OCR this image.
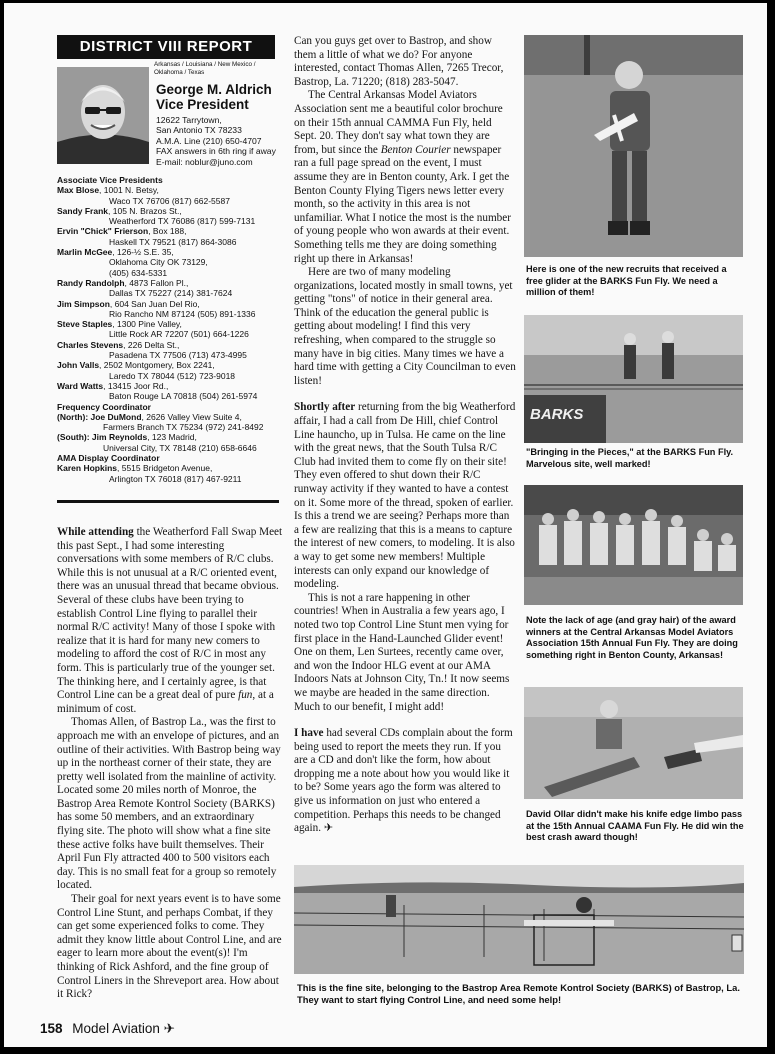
DISTRICT VIII REPORT
Arkansas / Louisiana / New Mexico /
Oklahoma / Texas
George M. Aldrich
Vice President
12622 Tarrytown,
San Antonio TX 78233
A.M.A. Line (210) 650-4707
FAX answers in 6th ring if away
E-mail: noblur@juno.com
Associate Vice Presidents
Max Blose, 1001 N. Betsy,
Waco TX 76706 (817) 662-5587
Sandy Frank, 105 N. Brazos St.,
Weatherford TX 76086 (817) 599-7131
Ervin "Chick" Frierson, Box 188,
Haskell TX 79521 (817) 864-3086
Marlin McGee, 126-½ S.E. 35,
Oklahoma City OK 73129,
(405) 634-5331
Randy Randolph, 4873 Fallon Pl.,
Dallas TX 75227 (214) 381-7624
Jim Simpson, 604 San Juan Del Rio,
Rio Rancho NM 87124 (505) 891-1336
Steve Staples, 1300 Pine Valley,
Little Rock AR 72207 (501) 664-1226
Charles Stevens, 226 Delta St.,
Pasadena TX 77506 (713) 473-4995
John Valls, 2502 Montgomery, Box 2241,
Laredo TX 78044 (512) 723-9018
Ward Watts, 13415 Joor Rd.,
Baton Rouge LA 70818 (504) 261-5974
Frequency Coordinator
(North): Joe DuMond, 2626 Valley View Suite 4,
Farmers Branch TX 75234 (972) 241-8492
(South): Jim Reynolds, 123 Madrid,
Universal City, TX 78148 (210) 658-6646
AMA Display Coordinator
Karen Hopkins, 5515 Bridgeton Avenue,
Arlington TX 76018 (817) 467-9211

While attending the Weatherford Fall Swap Meet this past Sept., I had some interesting conversations with some members of R/C clubs. While this is not unusual at a R/C oriented event, there was an unusual thread that became obvious. Several of these clubs have been trying to establish Control Line flying to parallel their normal R/C activity! Many of those I spoke with realize that it is hard for many new comers to modeling to afford the cost of R/C in most any form. This is particularly true of the younger set. The thinking here, and I certainly agree, is that Control Line can be a great deal of pure fun, at a minimum of cost.

Thomas Allen, of Bastrop La., was the first to approach me with an envelope of pictures, and an outline of their activities. With Bastrop being way up in the northeast corner of their state, they are pretty well isolated from the mainline of activity. Located some 20 miles north of Monroe, the Bastrop Area Remote Kontrol Society (BARKS) has some 50 members, and an extraordinary flying site. The photo will show what a fine site these active folks have built themselves. Their April Fun Fly attracted 400 to 500 visitors each day. This is no small feat for a group so remotely located.

Their goal for next years event is to have some Control Line Stunt, and perhaps Combat, if they can get some experienced folks to come. They admit they know little about Control Line, and are eager to learn more about the event(s)! I'm thinking of Rick Ashford, and the fine group of Control Liners in the Shreveport area. How about it Rick?

Can you guys get over to Bastrop, and show them a little of what we do? For anyone interested, contact Thomas Allen, 7265 Trecor, Bastrop, La. 71220; (818) 283-5047.

The Central Arkansas Model Aviators Association sent me a beautiful color brochure on their 15th annual CAMMA Fun Fly, held Sept. 20. They don't say what town they are from, but since the Benton Courier newspaper ran a full page spread on the event, I must assume they are in Benton county, Ark. I get the Benton County Flying Tigers news letter every month, so the activity in this area is not unfamiliar. What I notice the most is the number of young people who won awards at their event. Something tells me they are doing something right up there in Arkansas!

Here are two of many modeling organizations, located mostly in small towns, yet getting "tons" of notice in their general area. Think of the education the general public is getting about modeling! I find this very refreshing, when compared to the struggle so many have in big cities. Many times we have a hard time with getting a City Councilman to even listen!

Shortly after returning from the big Weatherford affair, I had a call from De Hill, chief Control Line hauncho, up in Tulsa. He came on the line with the great news, that the South Tulsa R/C Club had invited them to come fly on their site! They even offered to shut down their R/C runway activity if they wanted to have a contest on it. Some more of the thread, spoken of earlier. Is this a trend we are seeing? Perhaps more than a few are realizing that this is a means to capture the interest of new comers, to modeling. It is also a way to get some new members! Multiple interests can only expand our knowledge of modeling.

This is not a rare happening in other countries! When in Australia a few years ago, I noted two top Control Line Stunt men vying for first place in the Hand-Launched Glider event! One on them, Len Surtees, recently came over, and won the Indoor HLG event at our AMA Indoors Nats at Johnson City, Tn.! It now seems we maybe are headed in the same direction. Much to our benefit, I might add!

I have had several CDs complain about the form being used to report the meets they run. If you are a CD and don't like the form, how about dropping me a note about how you would like it to be? Some years ago the form was altered to give us information on just who entered a competition. Perhaps this needs to be changed again. ✈

Here is one of the new recruits that received a free glider at the BARKS Fun Fly. We need a million of them!
BARKS
"Bringing in the Pieces," at the BARKS Fun Fly. Marvelous site, well marked!
Note the lack of age (and gray hair) of the award winners at the Central Arkansas Model Aviators Association 15th Annual Fun Fly. They are doing something right in Benton County, Arkansas!
David Ollar didn't make his knife edge limbo pass at the 15th Annual CAAMA Fun Fly. He did win the best crash award though!
This is the fine site, belonging to the Bastrop Area Remote Kontrol Society (BARKS) of Bastrop, La. They want to start flying Control Line, and need some help!
158 Model Aviation ✈
